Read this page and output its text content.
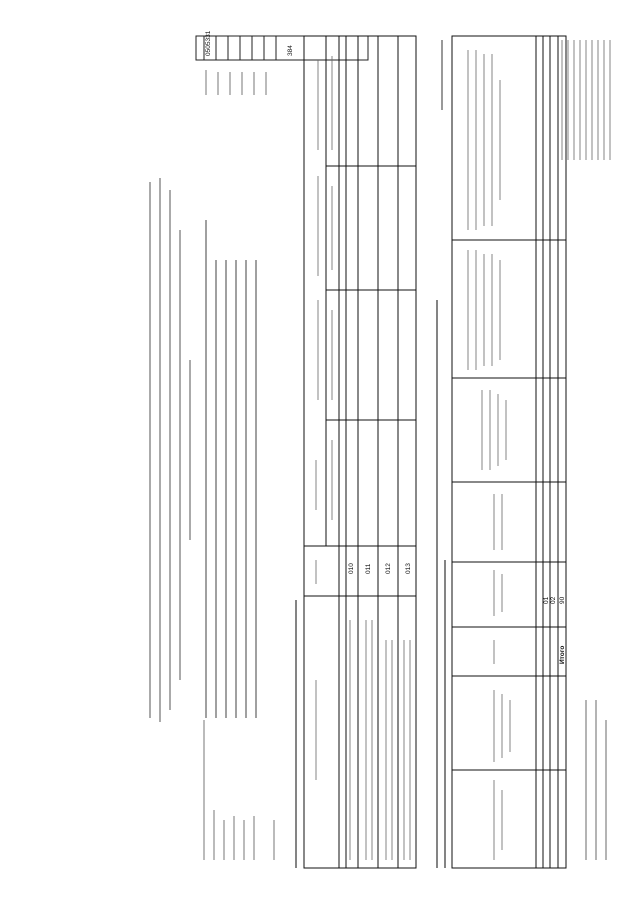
0505331	384
010 011 012 013
01 02 90
Итого
